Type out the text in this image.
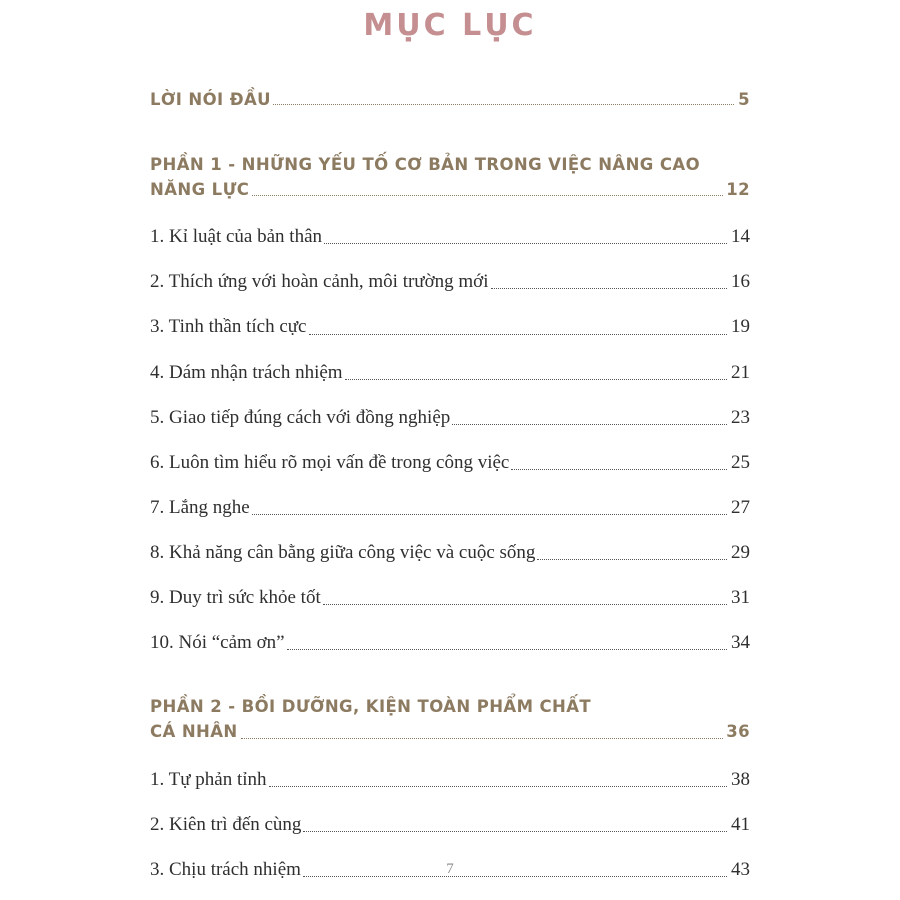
MỤC LỤC
LỜI NÓI ĐẦU	5
PHẦN 1 - NHỮNG YẾU TỐ CƠ BẢN TRONG VIỆC NÂNG CAO
NĂNG LỰC	12
1. Kỉ luật của bản thân	14
2. Thích ứng với hoàn cảnh, môi trường mới	16
3. Tinh thần tích cực	19
4. Dám nhận trách nhiệm	21
5. Giao tiếp đúng cách với đồng nghiệp	23
6. Luôn tìm hiểu rõ mọi vấn đề trong công việc	25
7. Lắng nghe	27
8. Khả năng cân bằng giữa công việc và cuộc sống	29
9. Duy trì sức khỏe tốt	31
10. Nói “cảm ơn”	34
PHẦN 2 - BỒI DƯỠNG, KIỆN TOÀN PHẨM CHẤT
CÁ NHÂN	36
1. Tự phản tỉnh	38
2. Kiên trì đến cùng	41
3. Chịu trách nhiệm	43
7
